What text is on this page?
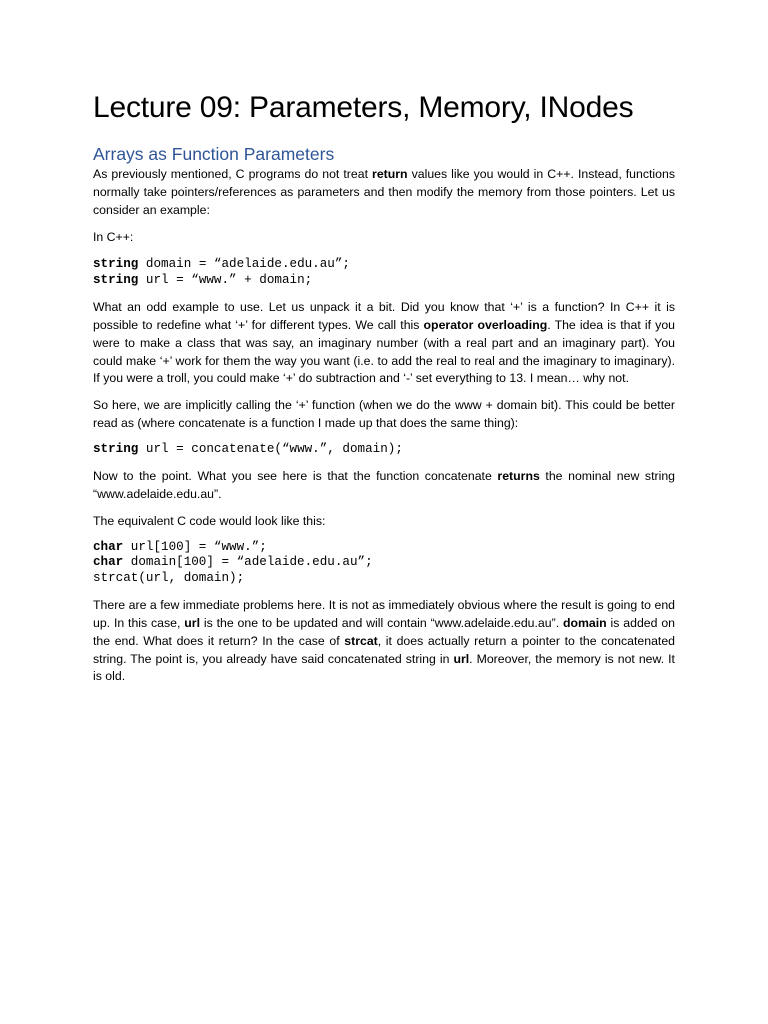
Lecture 09: Parameters, Memory, INodes
Arrays as Function Parameters

As previously mentioned, C programs do not treat return values like you would in C++. Instead, functions normally take pointers/references as parameters and then modify the memory from those pointers. Let us consider an example:

In C++:

string domain = “adelaide.edu.au”;
string url = “www.” + domain;

What an odd example to use. Let us unpack it a bit. Did you know that ‘+’ is a function? In C++ it is possible to redefine what ‘+’ for different types. We call this operator overloading. The idea is that if you were to make a class that was say, an imaginary number (with a real part and an imaginary part). You could make ‘+’ work for them the way you want (i.e. to add the real to real and the imaginary to imaginary). If you were a troll, you could make ‘+’ do subtraction and ‘-’ set everything to 13. I mean… why not.

So here, we are implicitly calling the ‘+’ function (when we do the www + domain bit). This could be better read as (where concatenate is a function I made up that does the same thing):

string url = concatenate(“www.”, domain);

Now to the point. What you see here is that the function concatenate returns the nominal new string “www.adelaide.edu.au”.

The equivalent C code would look like this:

char url[100] = “www.”;
char domain[100] = “adelaide.edu.au”;
strcat(url, domain);

There are a few immediate problems here. It is not as immediately obvious where the result is going to end up. In this case, url is the one to be updated and will contain “www.adelaide.edu.au”. domain is added on the end. What does it return? In the case of strcat, it does actually return a pointer to the concatenated string. The point is, you already have said concatenated string in url. Moreover, the memory is not new. It is old.
